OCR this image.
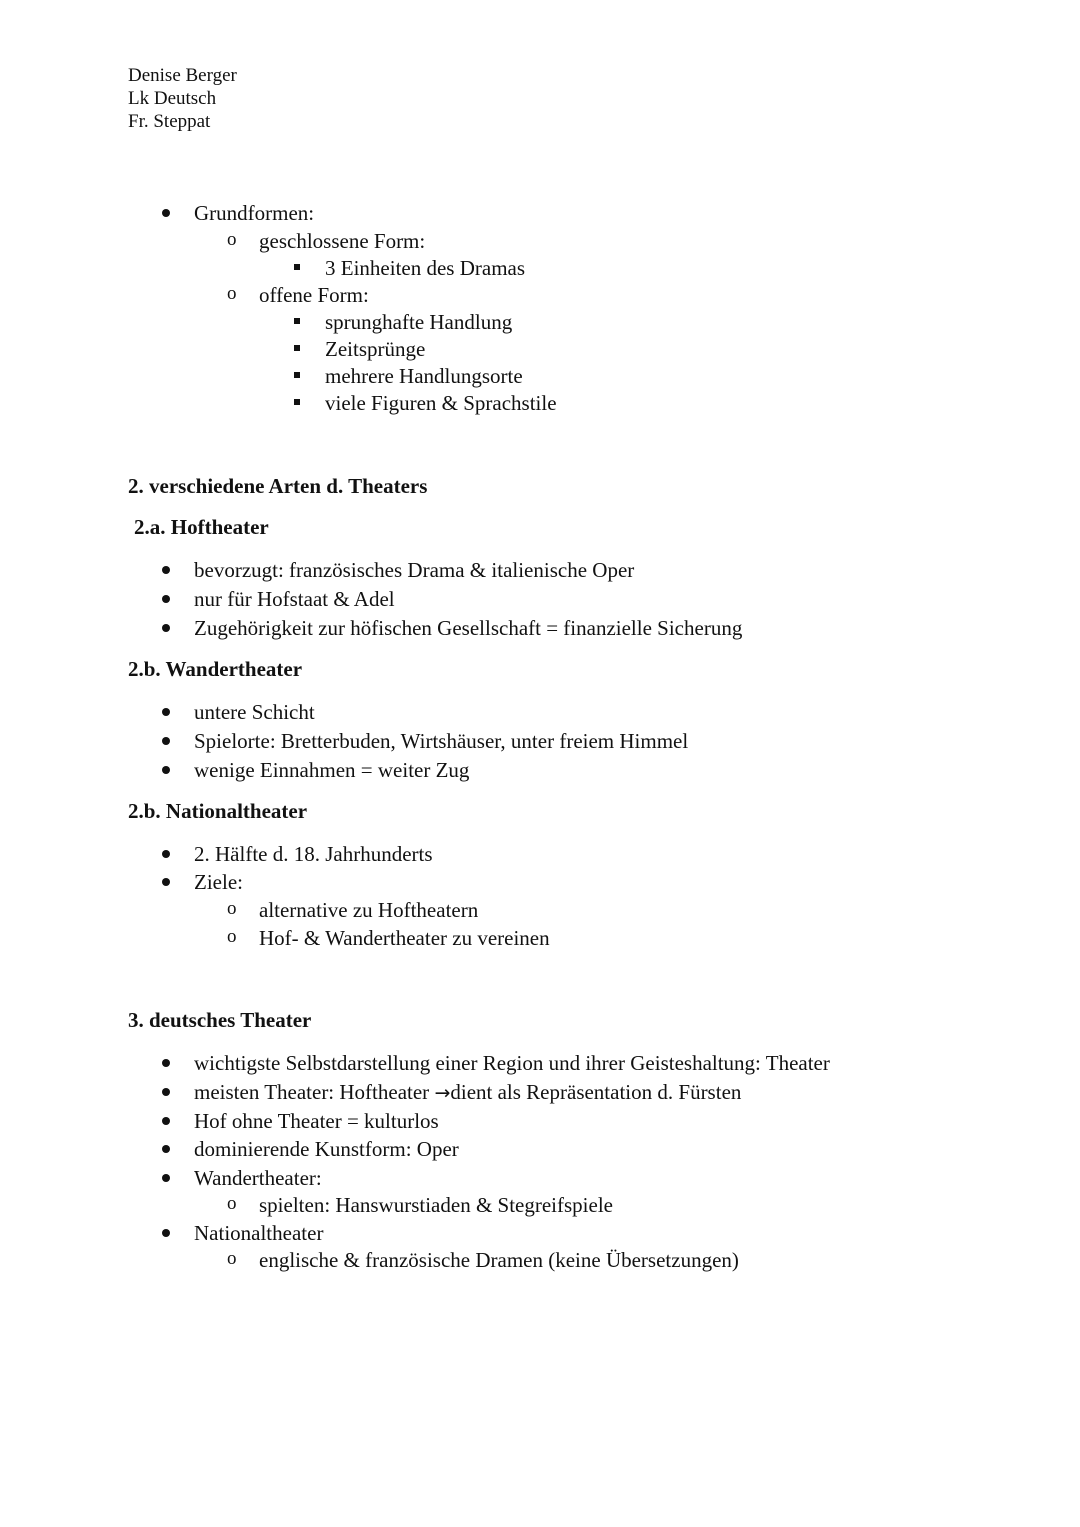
Denise Berger
Lk Deutsch
Fr. Steppat
Grundformen:
o geschlossene Form:
3 Einheiten des Dramas
o offene Form:
sprunghafte Handlung
Zeitsprünge
mehrere Handlungsorte
viele Figuren & Sprachstile
2. verschiedene Arten d. Theaters
2.a. Hoftheater
bevorzugt: französisches Drama & italienische Oper
nur für Hofstaat & Adel
Zugehörigkeit zur höfischen Gesellschaft = finanzielle Sicherung
2.b. Wandertheater
untere Schicht
Spielorte: Bretterbuden, Wirtshäuser, unter freiem Himmel
wenige Einnahmen = weiter Zug
2.b. Nationaltheater
2. Hälfte d. 18. Jahrhunderts
Ziele:
o alternative zu Hoftheatern
o Hof- & Wandertheater zu vereinen
3. deutsches Theater
wichtigste Selbstdarstellung einer Region und ihrer Geisteshaltung: Theater
meisten Theater: Hoftheater →dient als Repräsentation d. Fürsten
Hof ohne Theater = kulturlos
dominierende Kunstform: Oper
Wandertheater:
o spielten: Hanswurstiaden & Stegreifspiele
Nationaltheater
o englische & französische Dramen (keine Übersetzungen)
